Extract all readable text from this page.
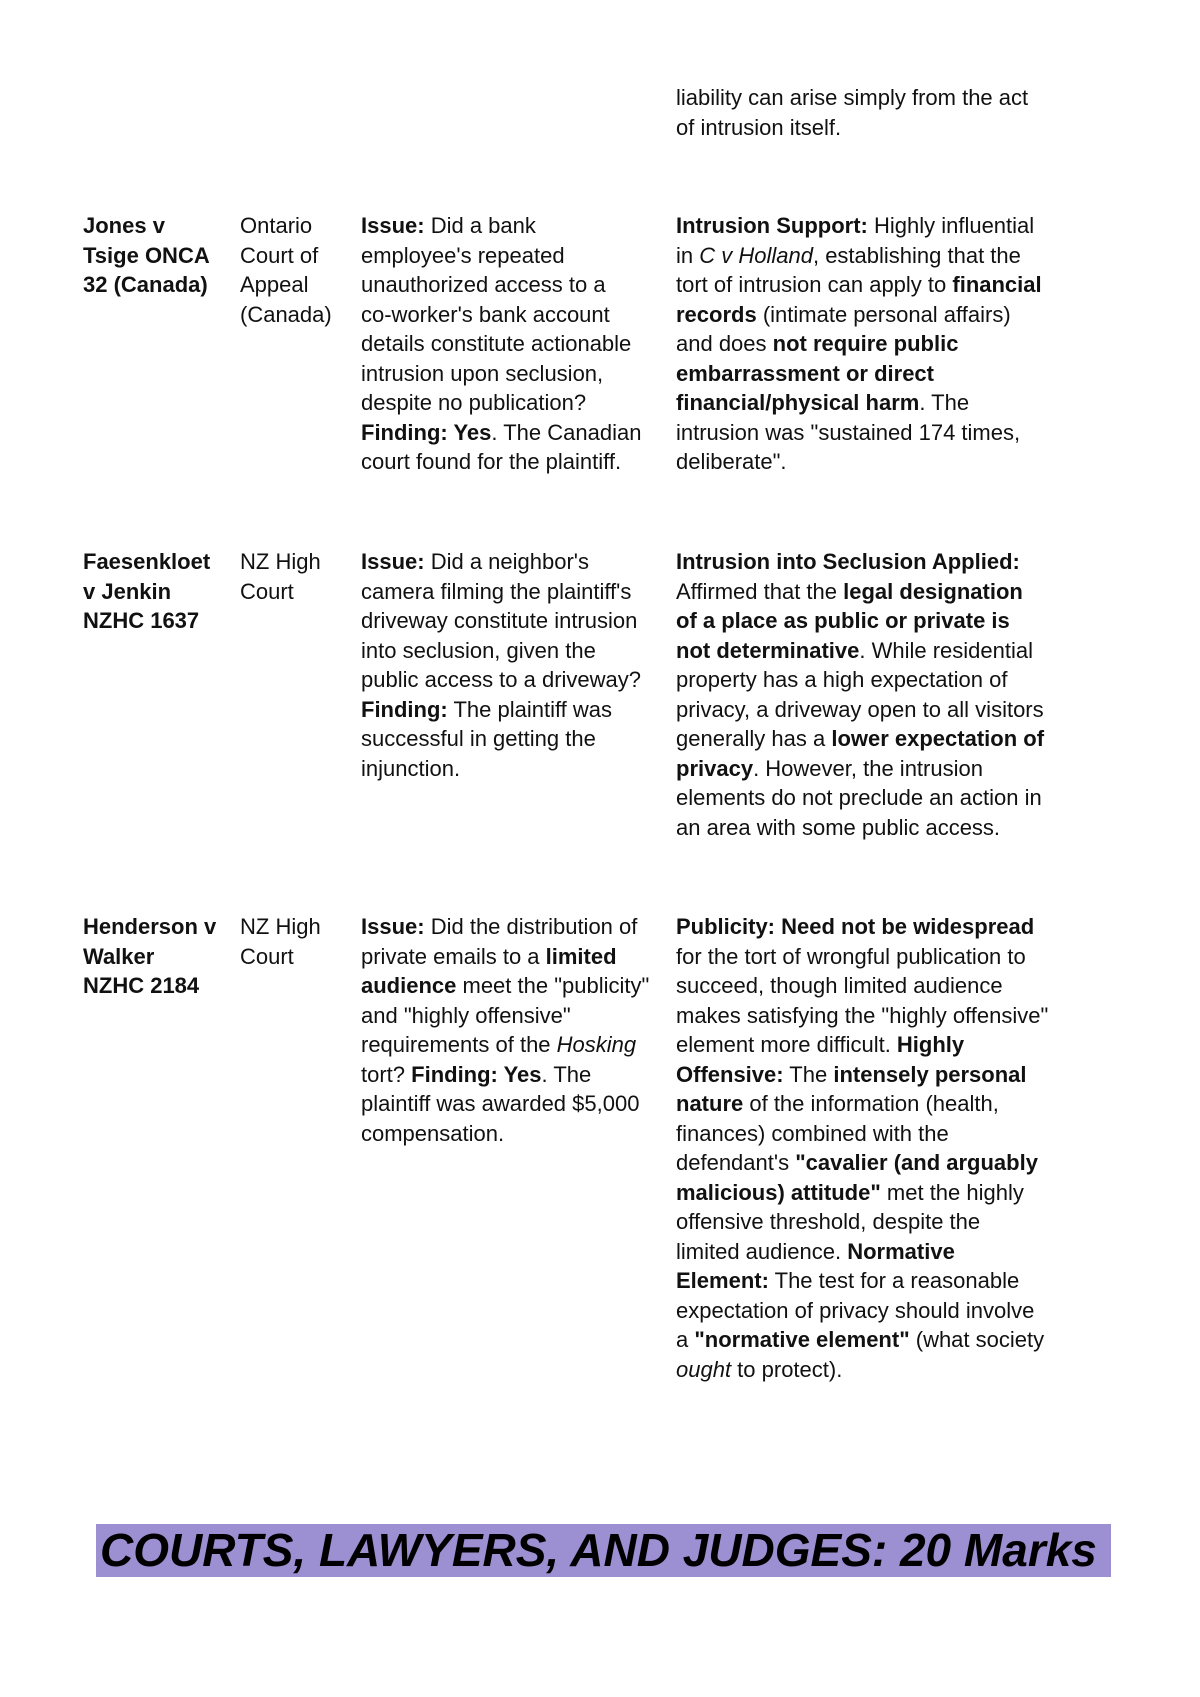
liability can arise simply from the act
of intrusion itself.
Jones v
Tsige ONCA
32 (Canada)
Ontario
Court of
Appeal
(Canada)
Issue: Did a bank
employee's repeated
unauthorized access to a
co-worker's bank account
details constitute actionable
intrusion upon seclusion,
despite no publication?
Finding: Yes. The Canadian
court found for the plaintiff.
Intrusion Support: Highly influential
in C v Holland, establishing that the
tort of intrusion can apply to financial
records (intimate personal affairs)
and does not require public
embarrassment or direct
financial/physical harm. The
intrusion was "sustained 174 times,
deliberate".
Faesenkloet
v Jenkin
NZHC 1637
NZ High
Court
Issue: Did a neighbor's
camera filming the plaintiff's
driveway constitute intrusion
into seclusion, given the
public access to a driveway?
Finding: The plaintiff was
successful in getting the
injunction.
Intrusion into Seclusion Applied:
Affirmed that the legal designation
of a place as public or private is
not determinative. While residential
property has a high expectation of
privacy, a driveway open to all visitors
generally has a lower expectation of
privacy. However, the intrusion
elements do not preclude an action in
an area with some public access.
Henderson v
Walker
NZHC 2184
NZ High
Court
Issue: Did the distribution of
private emails to a limited
audience meet the "publicity"
and "highly offensive"
requirements of the Hosking
tort? Finding: Yes. The
plaintiff was awarded $5,000
compensation.
Publicity: Need not be widespread
for the tort of wrongful publication to
succeed, though limited audience
makes satisfying the "highly offensive"
element more difficult. Highly
Offensive: The intensely personal
nature of the information (health,
finances) combined with the
defendant's "cavalier (and arguably
malicious) attitude" met the highly
offensive threshold, despite the
limited audience. Normative
Element: The test for a reasonable
expectation of privacy should involve
a "normative element" (what society
ought to protect).
COURTS, LAWYERS, AND JUDGES: 20 Marks
